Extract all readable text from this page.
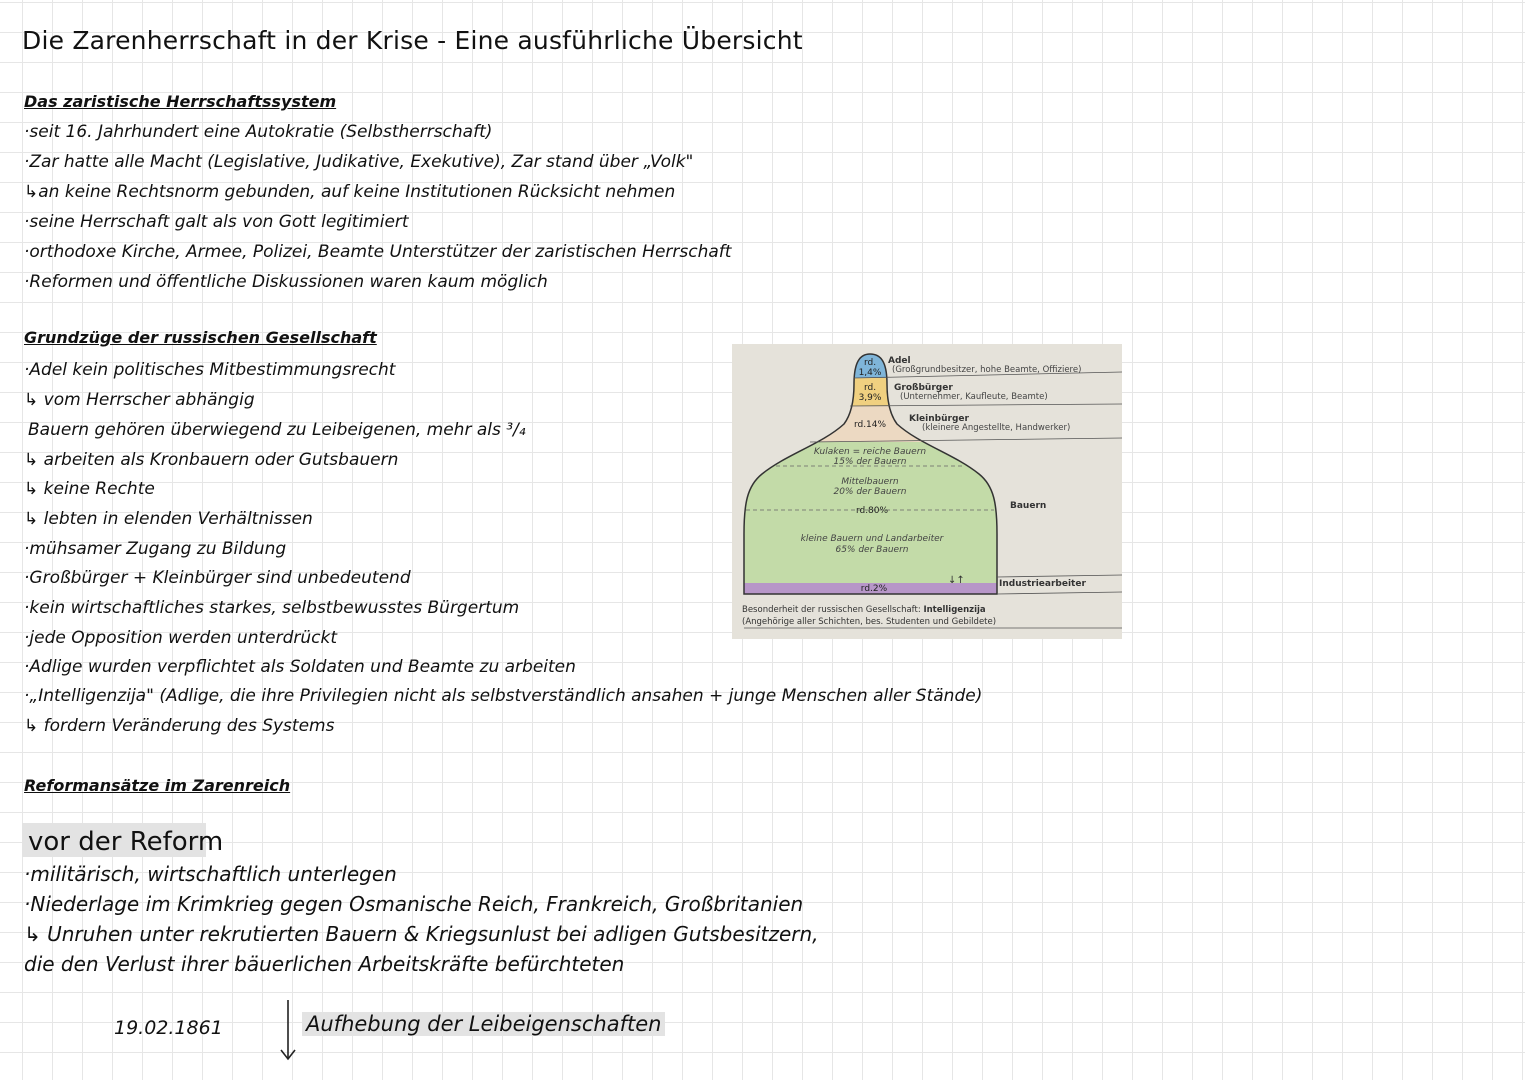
Die Zarenherrschaft in der Krise - Eine ausführliche Übersicht
Das zaristische Herrschaftssystem
·seit 16. Jahrhundert eine Autokratie (Selbstherrschaft)
·Zar hatte alle Macht (Legislative, Judikative, Exekutive), Zar stand über „Volk"
↳an keine Rechtsnorm gebunden, auf keine Institutionen Rücksicht nehmen
·seine Herrschaft galt als von Gott legitimiert
·orthodoxe Kirche, Armee, Polizei, Beamte Unterstützer der zaristischen Herrschaft
·Reformen und öffentliche Diskussionen waren kaum möglich
Grundzüge der russischen Gesellschaft
·Adel kein politisches Mitbestimmungsrecht
↳ vom Herrscher abhängig
Bauern gehören überwiegend zu Leibeigenen, mehr als ³/₄
↳ arbeiten als Kronbauern oder Gutsbauern
↳ keine Rechte
↳ lebten in elenden Verhältnissen
·mühsamer Zugang zu Bildung
·Großbürger + Kleinbürger sind unbedeutend
·kein wirtschaftliches starkes, selbstbewusstes Bürgertum
·jede Opposition werden unterdrückt
·Adlige wurden verpflichtet als Soldaten und Beamte zu arbeiten
·„Intelligenzija" (Adlige, die ihre Privilegien nicht als selbstverständlich ansahen + junge Menschen aller Stände)
↳ fordern Veränderung des Systems
↓↑
rd.
1,4%
rd.
3,9%
rd.14%
Kulaken = reiche Bauern
15% der Bauern
Mittelbauern
20% der Bauern
rd.80%
kleine Bauern und Landarbeiter
65% der Bauern
rd.2%
Adel
(Großgrundbesitzer, hohe Beamte, Offiziere)
Großbürger
(Unternehmer, Kaufleute, Beamte)
Kleinbürger
(kleinere Angestellte, Handwerker)
Bauern
Industriearbeiter
Besonderheit der russischen Gesellschaft: Intelligenzija
(Angehörige aller Schichten, bes. Studenten und Gebildete)
Reformansätze im Zarenreich
vor der Reform
·militärisch, wirtschaftlich unterlegen
·Niederlage im Krimkrieg gegen Osmanische Reich, Frankreich, Großbritanien
↳ Unruhen unter rekrutierten Bauern & Kriegsunlust bei adligen Gutsbesitzern,
die den Verlust ihrer bäuerlichen Arbeitskräfte befürchteten
19.02.1861	Aufhebung der Leibeigenschaften
